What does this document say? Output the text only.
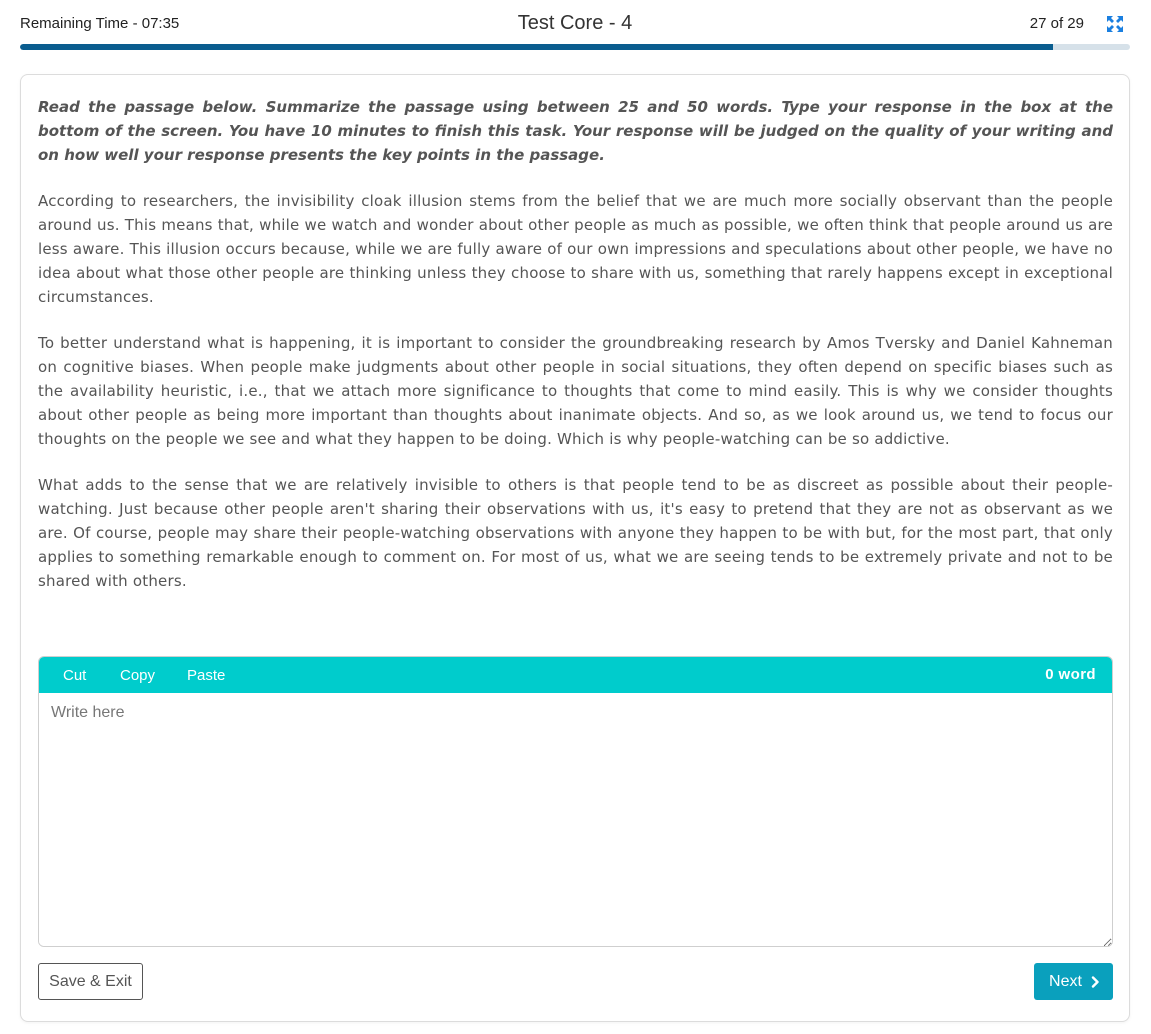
Remaining Time - 07:35	Test Core - 4	27 of 29

Read the passage below. Summarize the passage using between 25 and 50 words. Type your response in the box at the bottom of the screen. You have 10 minutes to finish this task. Your response will be judged on the quality of your writing and on how well your response presents the key points in the passage.

According to researchers, the invisibility cloak illusion stems from the belief that we are much more socially observant than the people around us. This means that, while we watch and wonder about other people as much as possible, we often think that people around us are less aware. This illusion occurs because, while we are fully aware of our own impressions and speculations about other people, we have no idea about what those other people are thinking unless they choose to share with us, something that rarely happens except in exceptional circumstances.

To better understand what is happening, it is important to consider the groundbreaking research by Amos Tversky and Daniel Kahneman on cognitive biases. When people make judgments about other people in social situations, they often depend on specific biases such as the availability heuristic, i.e., that we attach more significance to thoughts that come to mind easily. This is why we consider thoughts about other people as being more important than thoughts about inanimate objects. And so, as we look around us, we tend to focus our thoughts on the people we see and what they happen to be doing. Which is why people-watching can be so addictive.

What adds to the sense that we are relatively invisible to others is that people tend to be as discreet as possible about their people-watching. Just because other people aren't sharing their observations with us, it's easy to pretend that they are not as observant as we are. Of course, people may share their people-watching observations with anyone they happen to be with but, for the most part, that only applies to something remarkable enough to comment on. For most of us, what we are seeing tends to be extremely private and not to be shared with others.

Cut Copy Paste	0 word
Write here
Save & Exit	Next
